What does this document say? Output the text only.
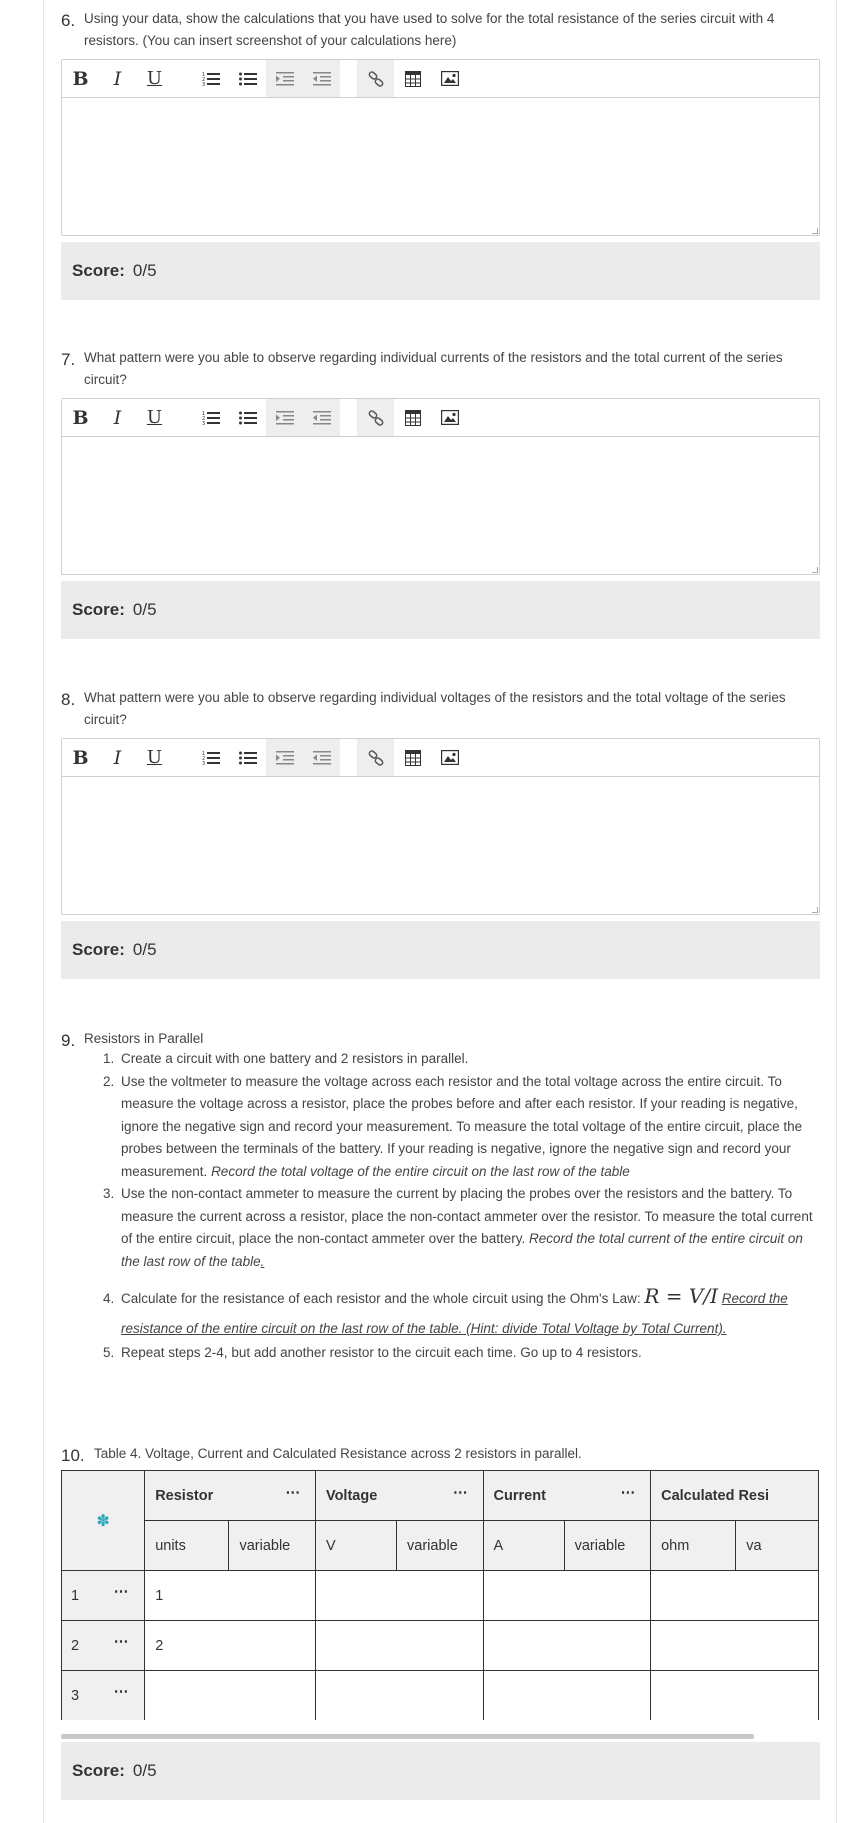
6. Using your data, show the calculations that you have used to solve for the total resistance of the series circuit with 4 resistors. (You can insert screenshot of your calculations here)
B	I	U	1
2
3
Score: 0/5
7. What pattern were you able to observe regarding individual currents of the resistors and the total current of the series circuit?
B	I	U	1
2
3
Score: 0/5
8. What pattern were you able to observe regarding individual voltages of the resistors and the total voltage of the series circuit?
B	I	U	1
2
3
Score: 0/5
9. Resistors in Parallel
1. Create a circuit with one battery and 2 resistors in parallel.
2. Use the voltmeter to measure the voltage across each resistor and the total voltage across the entire circuit. To measure the voltage across a resistor, place the probes before and after each resistor. If your reading is negative, ignore the negative sign and record your measurement. To measure the total voltage of the entire circuit, place the probes between the terminals of the battery. If your reading is negative, ignore the negative sign and record your measurement. Record the total voltage of the entire circuit on the last row of the table
3. Use the non-contact ammeter to measure the current by placing the probes over the resistors and the battery. To measure the current across a resistor, place the non-contact ammeter over the resistor. To measure the total current of the entire circuit, place the non-contact ammeter over the battery. Record the total current of the entire circuit on the last row of the table.
4. Calculate for the resistance of each resistor and the whole circuit using the Ohm's Law: R = V/I Record the resistance of the entire circuit on the last row of the table. (Hint: divide Total Voltage by Total Current).
5. Repeat steps 2-4, but add another resistor to the circuit each time. Go up to 4 resistors.
10. Table 4. Voltage, Current and Calculated Resistance across 2 resistors in parallel.
✽	Resistor ⋯		Voltage ⋯		Current ⋯		Calculated Resi	
	units	variable	V	variable	A	variable	ohm	va
1 ⋯	1							
2 ⋯	2							
3 ⋯								

Score: 0/5
